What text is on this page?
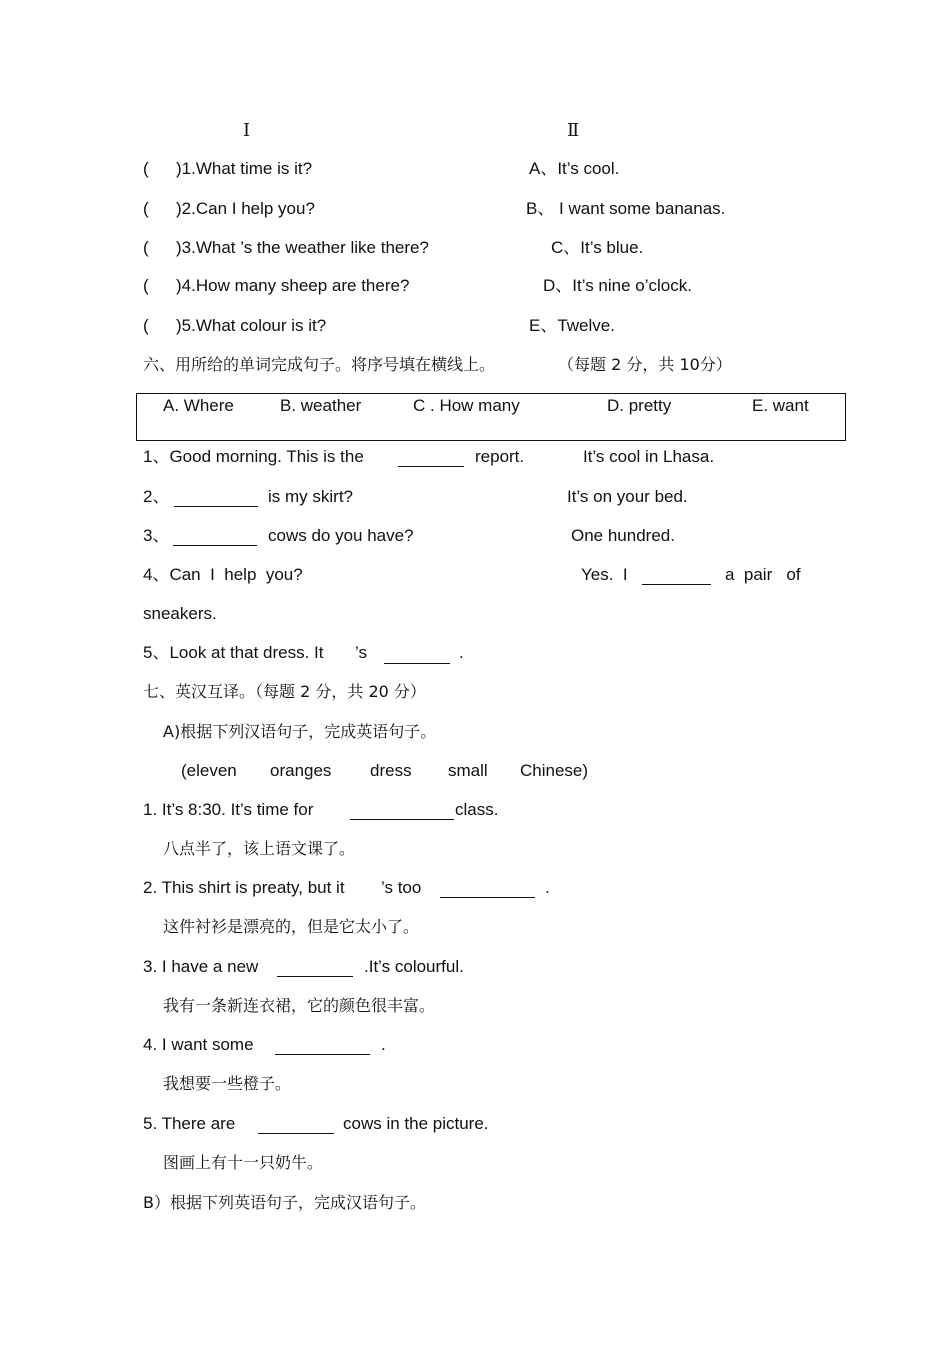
Ⅰ	Ⅱ
( )1.What time is it?	A、It’s cool.
( )2.Can I help you?	B、 I want some bananas.
( )3.What ’s the weather like there?	C、It’s blue.
( )4.How many sheep are there?	D、It’s nine o’clock.
( )5.What colour is it?	E、Twelve.
六、用所给的单词完成句子。将序号填在横线上。	（每题 2 分，共 10分）
A. Where	B. weather	C . How many	D. pretty	E. want
1、Good morning. This is the	report.	It’s cool in Lhasa.
2、	is my skirt?	It’s on your bed.
3、	cows do you have?	One hundred.
4、Can  I  help  you?	Yes.  I	a  pair   of
sneakers.
5、Look at that dress. It ’s	.
七、英汉互译。（每题 2 分，共 20 分）
A)根据下列汉语句子，完成英语句子。
(eleven oranges dress small Chinese)
1. It’s 8:30. It’s time for	class.
八点半了，该上语文课了。
2. This shirt is preaty, but it ’s too	.
这件衬衫是漂亮的，但是它太小了。
3. I have a new	.It’s colourful.
我有一条新连衣裙，它的颜色很丰富。
4. I want some	.
我想要一些橙子。
5. There are	cows in the picture.
图画上有十一只奶牛。
B）根据下列英语句子，完成汉语句子。
